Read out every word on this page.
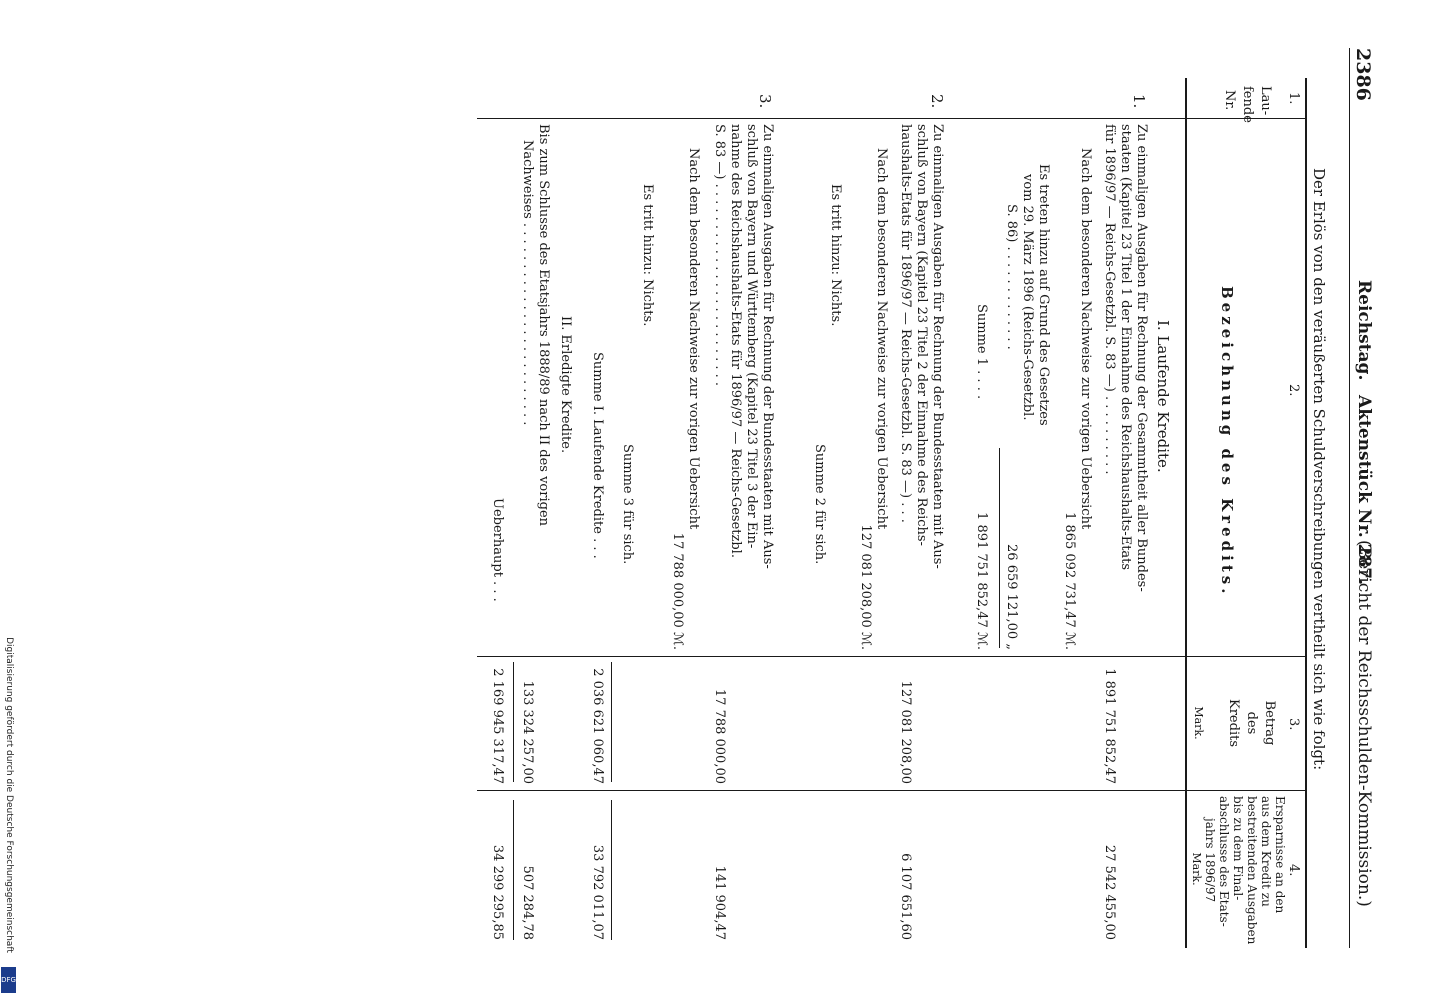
2386
Reichstag.
Aktenstück Nr. 287.
(Bericht der Reichsschulden-Kommission.)
Der Erlös von den veräußerten Schuldverschreibungen vertheilt sich wie folgt:
1.
Lau-
fende
Nr.
2.
Bezeichnung des Kredits.
3.
Betrag
des
Kredits
Mark.
4.
Ersparnisse an den
aus dem Kredit zu
bestreitenden Ausgaben
bis zu dem Final-
abschlusse des Etats-
jahrs 1896/97
Mark.
I. Laufende Kredite.
1.
Zu einmaligen Ausgaben für Rechnung der Gesammtheit aller Bundes-
staaten (Kapitel 23 Titel 1 der Einnahme des Reichshaushalts-Etats
für 1896/97 — Reichs-Gesetzbl. S. 83 —) . . . . . . . . . .
Nach dem besonderen Nachweise zur vorigen Uebersicht
1 865 092 731,47 ℳ.
Es treten hinzu auf Grund des Gesetzes
vom 29. März 1896 (Reichs-Gesetzbl.
S. 86) . . . . . . . . . . . . .
26 659 121,00 „
Summe 1 . . . .
1 891 751 852,47 ℳ.
1 891 751 852,47
27 542 455,00
2.
Zu einmaligen Ausgaben für Rechnung der Bundesstaaten mit Aus-
schluß von Bayern (Kapitel 23 Titel 2 der Einnahme des Reichs-
haushalts-Etats für 1896/97 — Reichs-Gesetzbl. S. 83 —) . . .
Nach dem besonderen Nachweise zur vorigen Uebersicht
127 081 208,00 ℳ.
Es tritt hinzu: Nichts.
Summe 2 für sich.
127 081 208,00
6 107 651,60
3.
Zu einmaligen Ausgaben für Rechnung der Bundesstaaten mit Aus-
schluß von Bayern und Württemberg (Kapitel 23 Titel 3 der Ein-
nahme des Reichshaushalts-Etats für 1896/97 — Reichs-Gesetzbl.
S. 83 —) . . . . . . . . . . . . . . . . . . . . . . . . .
Nach dem besonderen Nachweise zur vorigen Uebersicht
17 788 000,00 ℳ.
Es tritt hinzu: Nichts.
Summe 3 für sich.
17 788 000,00
141 904,47
Summe I. Laufende Kredite . . .
2 036 621 060,47
33 792 011,07
II. Erledigte Kredite.
Bis zum Schlusse des Etatsjahrs 1888/89 nach II des vorigen
Nachweises . . . . . . . . . . . . . . . . . . . . . . . . .
133 324 257,00
507 284,78
Ueberhaupt . . .
2 169 945 317,47
34 299 295,85
Digitalisierung gefördert durch die Deutsche Forschungsgemeinschaft
DFG
